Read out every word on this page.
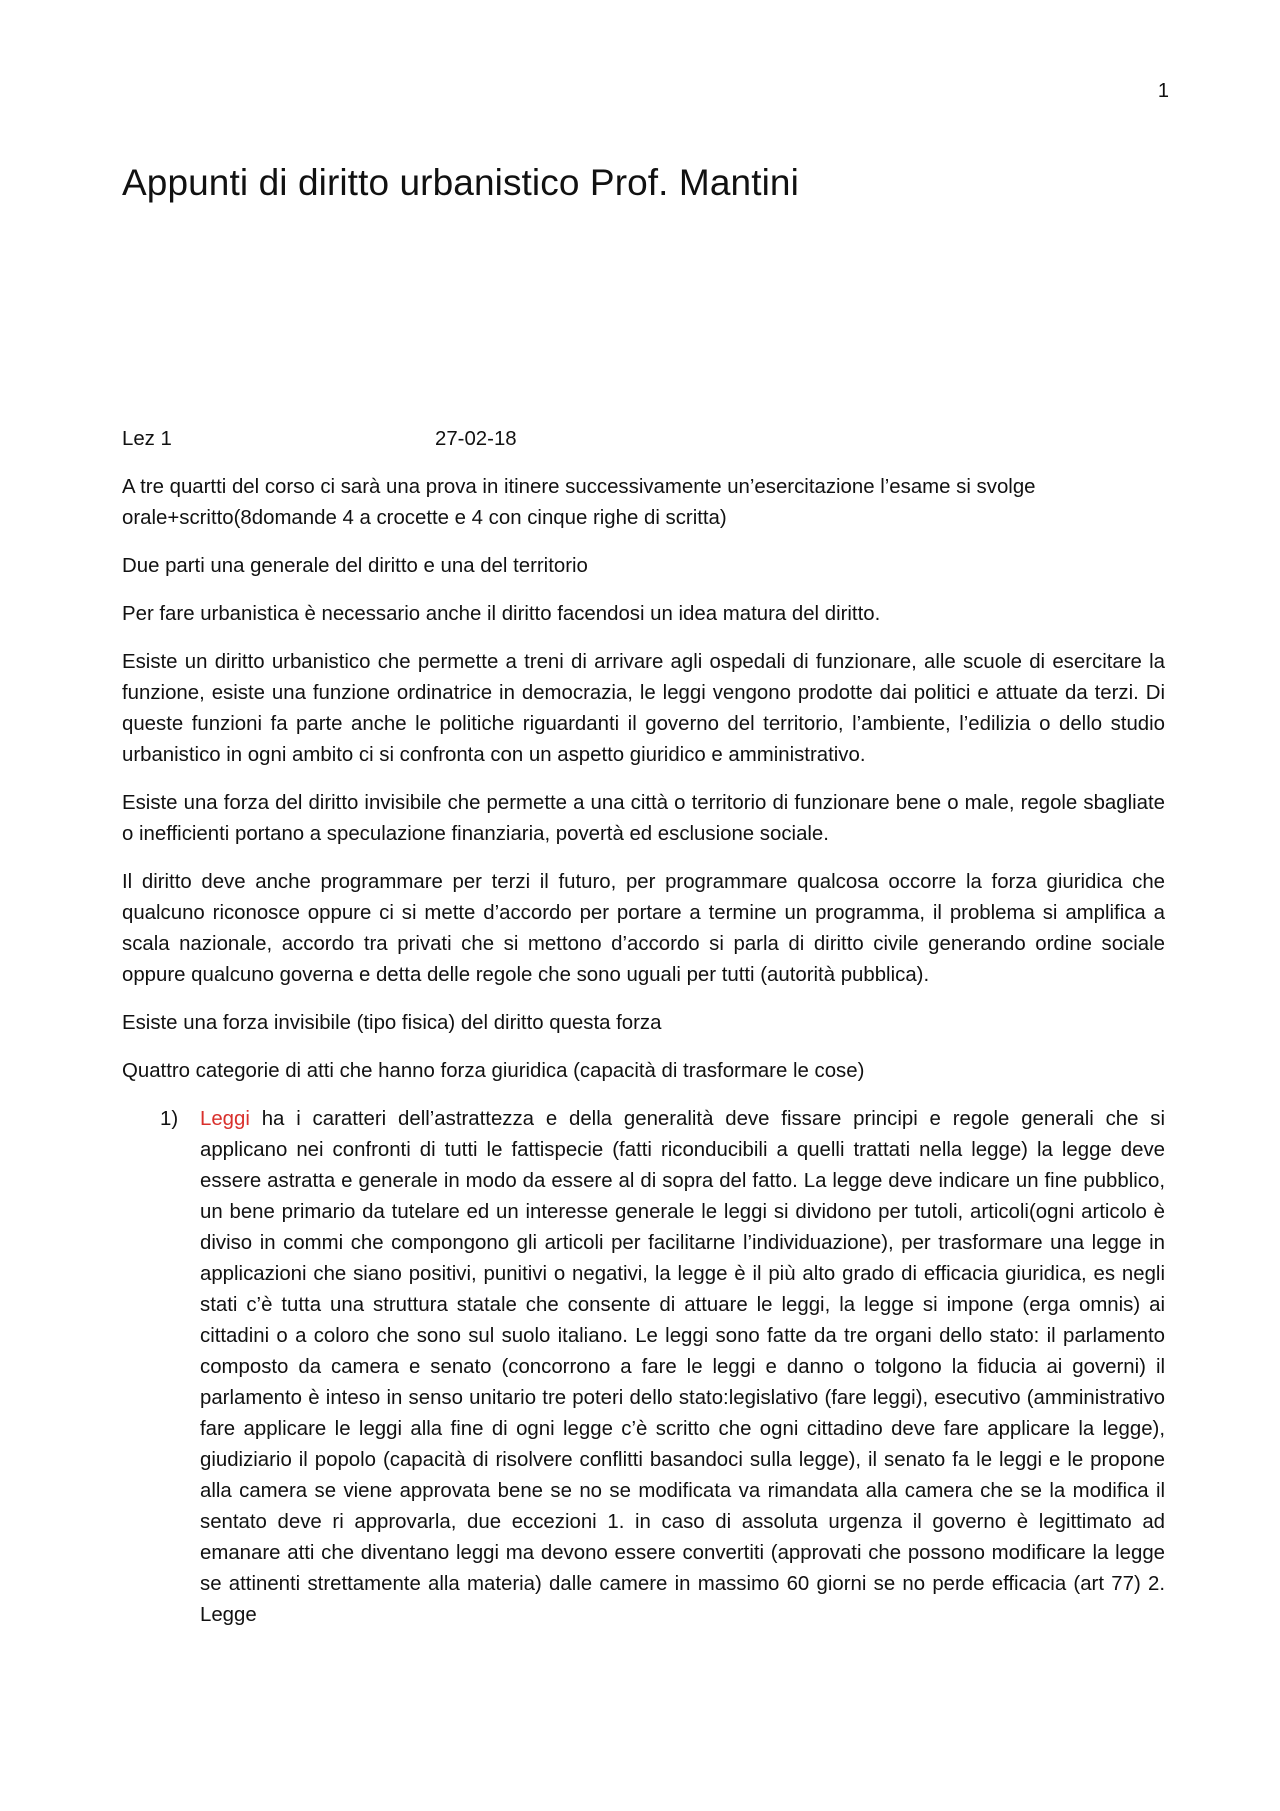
1
Appunti di diritto urbanistico Prof. Mantini
Lez 1	27-02-18

A tre quartti del corso ci sarà una prova in itinere successivamente un’esercitazione l’esame si svolge orale+scritto(8domande 4 a crocette e 4 con cinque righe di scritta)

Due parti una generale del diritto e una del territorio

Per fare urbanistica è necessario anche il diritto facendosi un idea matura del diritto.

Esiste un diritto urbanistico che permette a treni di arrivare agli ospedali di funzionare, alle scuole di esercitare la funzione, esiste una funzione ordinatrice in democrazia, le leggi vengono prodotte dai politici e attuate da terzi. Di queste funzioni fa parte anche le politiche riguardanti il governo del territorio, l’ambiente, l’edilizia o dello studio urbanistico in ogni ambito ci si confronta con un aspetto giuridico e amministrativo.

Esiste una forza del diritto invisibile che permette a una città o territorio di funzionare bene o male, regole sbagliate o inefficienti portano a speculazione finanziaria, povertà ed esclusione sociale.

Il diritto deve anche programmare per terzi il futuro, per programmare qualcosa occorre la forza giuridica che qualcuno riconosce oppure ci si mette d’accordo per portare a termine un programma, il problema si amplifica a scala nazionale, accordo tra privati che si mettono d’accordo si parla di diritto civile generando ordine sociale oppure qualcuno governa e detta delle regole che sono uguali per tutti (autorità pubblica).

Esiste una forza invisibile (tipo fisica) del diritto questa forza

Quattro categorie di atti che hanno forza giuridica (capacità di trasformare le cose)

1)	Leggi ha i caratteri dell’astrattezza e della generalità deve fissare principi e regole generali che si applicano nei confronti di tutti le fattispecie (fatti riconducibili a quelli trattati nella legge) la legge deve essere astratta e generale in modo da essere al di sopra del fatto. La legge deve indicare un fine pubblico, un bene primario da tutelare ed un interesse generale le leggi si dividono per tutoli, articoli(ogni articolo è diviso in commi che compongono gli articoli per facilitarne l’individuazione), per trasformare una legge in applicazioni che siano positivi, punitivi o negativi, la legge è il più alto grado di efficacia giuridica, es negli stati c’è tutta una struttura statale che consente di attuare le leggi, la legge si impone (erga omnis) ai cittadini o a coloro che sono sul suolo italiano. Le leggi sono fatte da tre organi dello stato: il parlamento composto da camera e senato (concorrono a fare le leggi e danno o tolgono la fiducia ai governi) il parlamento è inteso in senso unitario tre poteri dello stato:legislativo (fare leggi), esecutivo (amministrativo fare applicare le leggi alla fine di ogni legge c’è scritto che ogni cittadino deve fare applicare la legge), giudiziario il popolo (capacità di risolvere conflitti basandoci sulla legge), il senato fa le leggi e le propone alla camera se viene approvata bene se no se modificata va rimandata alla camera che se la modifica il sentato deve ri approvarla, due eccezioni 1. in caso di assoluta urgenza il governo è legittimato ad emanare atti che diventano leggi ma devono essere convertiti (approvati che possono modificare la legge se attinenti strettamente alla materia) dalle camere in massimo 60 giorni se no perde efficacia (art 77) 2. Legge
